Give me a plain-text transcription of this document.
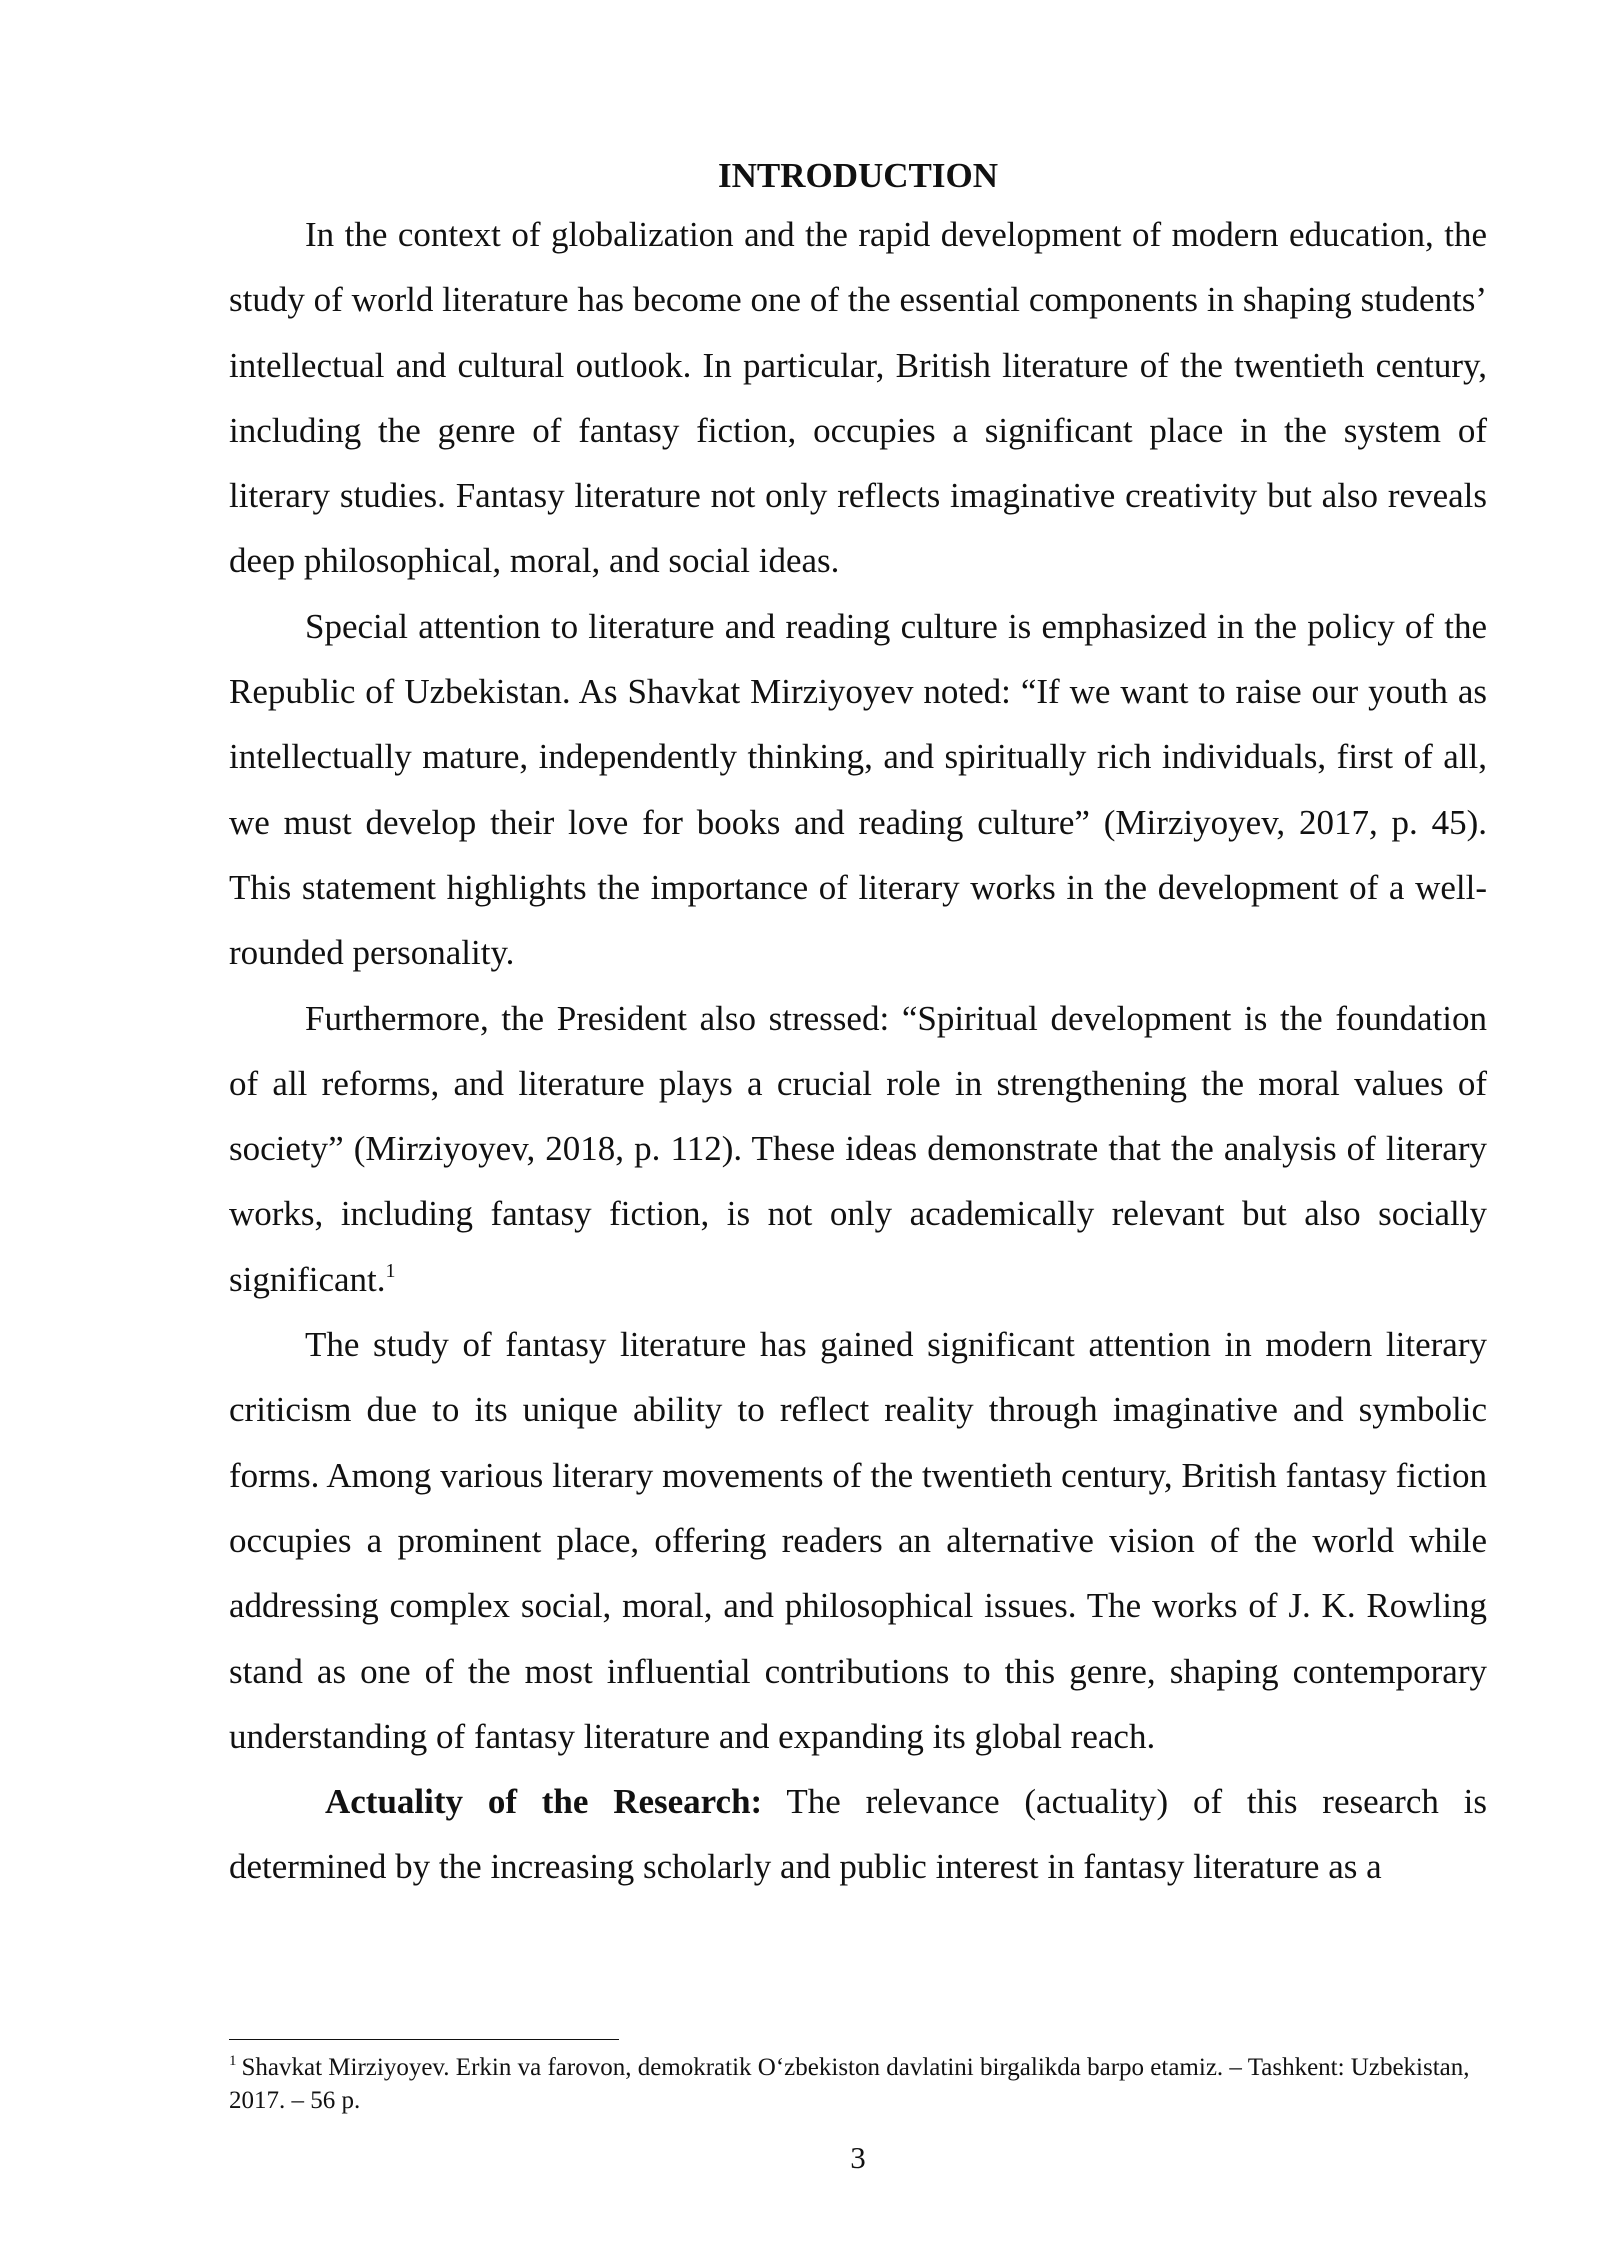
INTRODUCTION

In the context of globalization and the rapid development of modern education, the study of world literature has become one of the essential components in shaping students’ intellectual and cultural outlook. In particular, British literature of the twentieth century, including the genre of fantasy fiction, occupies a significant place in the system of literary studies. Fantasy literature not only reflects imaginative creativity but also reveals deep philosophical, moral, and social ideas.

Special attention to literature and reading culture is emphasized in the policy of the Republic of Uzbekistan. As Shavkat Mirziyoyev noted: “If we want to raise our youth as intellectually mature, independently thinking, and spiritually rich individuals, first of all, we must develop their love for books and reading culture” (Mirziyoyev, 2017, p. 45). This statement highlights the importance of literary works in the development of a well-rounded personality.

Furthermore, the President also stressed: “Spiritual development is the foundation of all reforms, and literature plays a crucial role in strengthening the moral values of society” (Mirziyoyev, 2018, p. 112). These ideas demonstrate that the analysis of literary works, including fantasy fiction, is not only academically relevant but also socially significant.$^1$

The study of fantasy literature has gained significant attention in modern literary criticism due to its unique ability to reflect reality through imaginative and symbolic forms. Among various literary movements of the twentieth century, British fantasy fiction occupies a prominent place, offering readers an alternative vision of the world while addressing complex social, moral, and philosophical issues. The works of J. K. Rowling stand as one of the most influential contributions to this genre, shaping contemporary understanding of fantasy literature and expanding its global reach.

Actuality of the Research: The relevance (actuality) of this research is determined by the increasing scholarly and public interest in fantasy literature as a

$^1$ Shavkat Mirziyoyev. Erkin va farovon, demokratik O‘zbekiston davlatini birgalikda barpo etamiz. – Tashkent: Uzbekistan, 2017. – 56 p.

3
